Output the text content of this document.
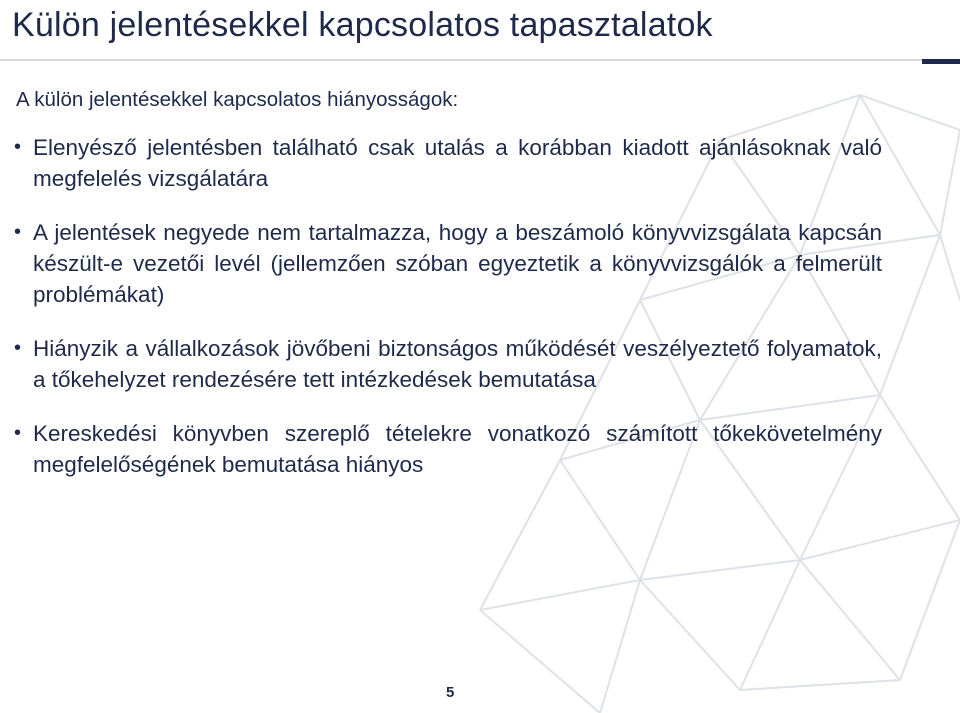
Külön jelentésekkel kapcsolatos tapasztalatok

A külön jelentésekkel kapcsolatos hiányosságok:

• Elenyésző jelentésben található csak utalás a korábban kiadott ajánlásoknak való megfelelés vizsgálatára
• A jelentések negyede nem tartalmazza, hogy a beszámoló könyvvizsgálata kapcsán készült-e vezetői levél (jellemzően szóban egyeztetik a könyvvizsgálók a felmerült problémákat)
• Hiányzik a vállalkozások jövőbeni biztonságos működését veszélyeztető folyamatok, a tőkehelyzet rendezésére tett intézkedések bemutatása
• Kereskedési könyvben szereplő tételekre vonatkozó számított tőkekövetelmény megfelelőségének bemutatása hiányos

5
